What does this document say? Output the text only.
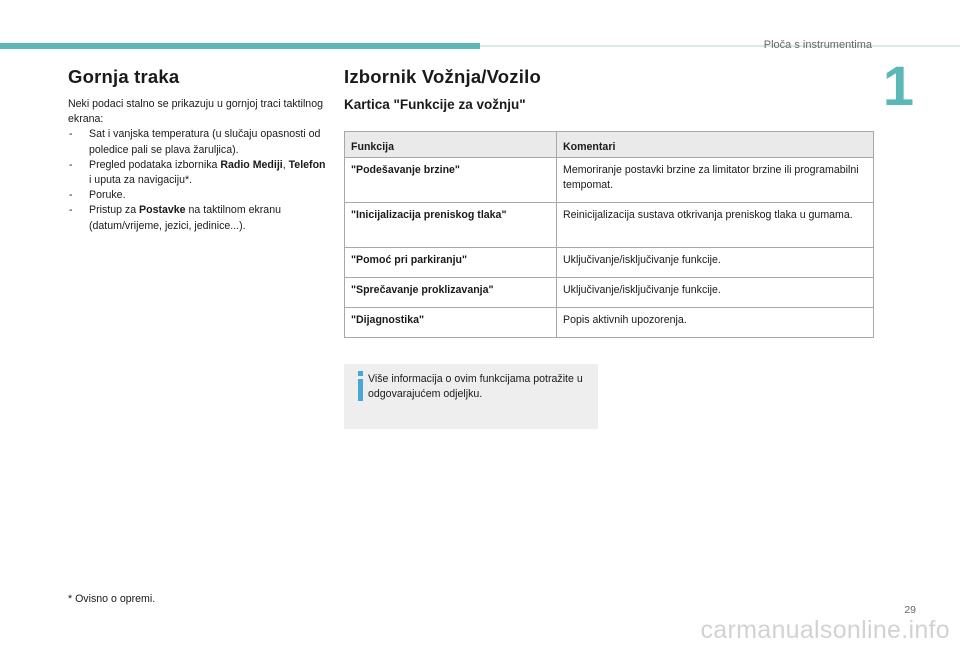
Ploča s instrumentima
1
Gornja traka

Neki podaci stalno se prikazuju u gornjoj traci taktilnog ekrana:

- Sat i vanjska temperatura (u slučaju opasnosti od poledice pali se plava žaruljica).
- Pregled podataka izbornika Radio Mediji, Telefon i uputa za navigaciju*.
- Poruke.
- Pristup za Postavke na taktilnom ekranu (datum/vrijeme, jezici, jedinice...).
Izbornik Vožnja/Vozilo
Kartica "Funkcije za vožnju"
Funkcija	Komentari
"Podešavanje brzine"	Memoriranje postavki brzine za limitator brzine ili programabilni tempomat.
"Inicijalizacija preniskog tlaka"	Reinicijalizacija sustava otkrivanja preniskog tlaka u gumama.
"Pomoć pri parkiranju"	Uključivanje/isključivanje funkcije.
"Sprečavanje proklizavanja"	Uključivanje/isključivanje funkcije.
"Dijagnostika"	Popis aktivnih upozorenja.
Više informacija o ovim funkcijama potražite u odgovarajućem odjeljku.
* Ovisno o opremi.
29
carmanualsonline.info
